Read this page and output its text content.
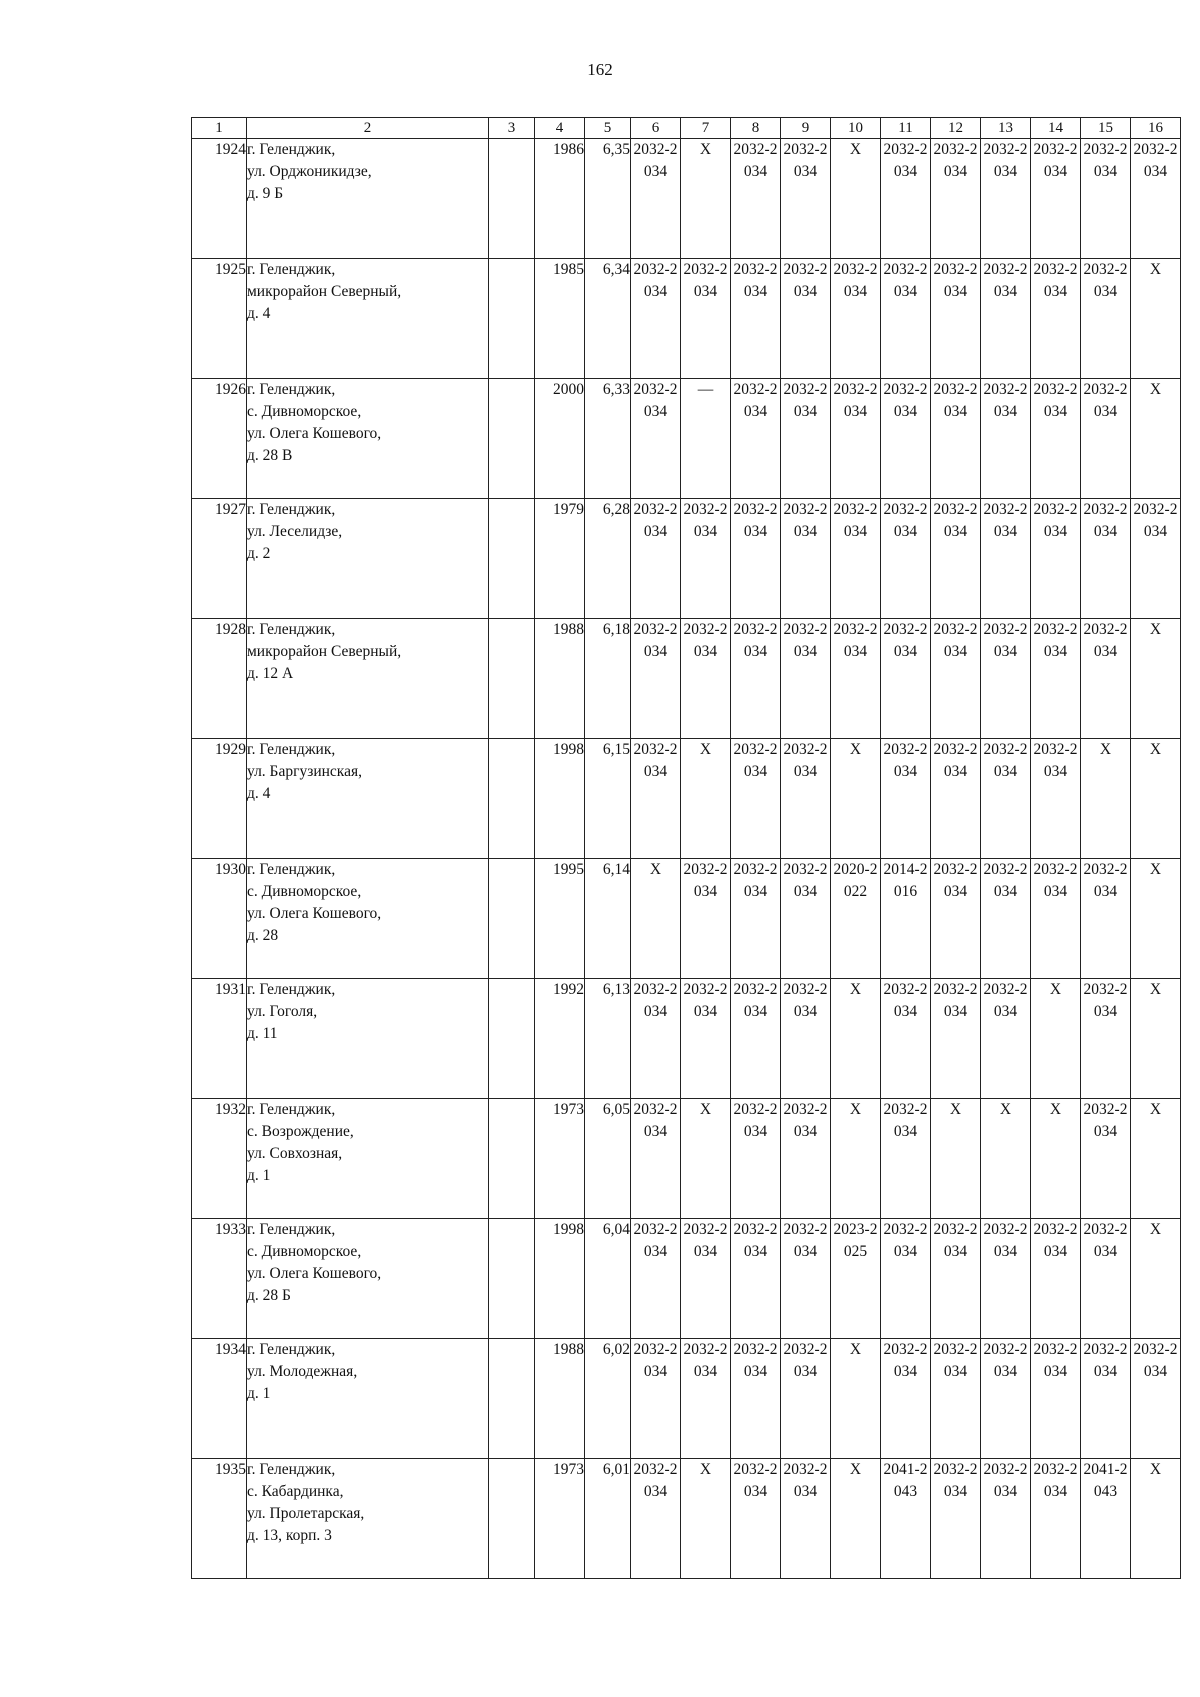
162
1	2	3	4	5	6	7	8	9	10	11	12	13	14	15	16
1924	г. Геленджик,
ул. Орджоникидзе,
д. 9 Б		1986	6,35	2032-2034	Х	2032-2034	2032-2034	Х	2032-2034	2032-2034	2032-2034	2032-2034	2032-2034	2032-2034
1925	г. Геленджик,
микрорайон Северный,
д. 4		1985	6,34	2032-2034	2032-2034	2032-2034	2032-2034	2032-2034	2032-2034	2032-2034	2032-2034	2032-2034	2032-2034	Х
1926	г. Геленджик,
с. Дивноморское,
ул. Олега Кошевого,
д. 28 В		2000	6,33	2032-2034	—	2032-2034	2032-2034	2032-2034	2032-2034	2032-2034	2032-2034	2032-2034	2032-2034	Х
1927	г. Геленджик,
ул. Леселидзе,
д. 2		1979	6,28	2032-2034	2032-2034	2032-2034	2032-2034	2032-2034	2032-2034	2032-2034	2032-2034	2032-2034	2032-2034	2032-2034
1928	г. Геленджик,
микрорайон Северный,
д. 12 А		1988	6,18	2032-2034	2032-2034	2032-2034	2032-2034	2032-2034	2032-2034	2032-2034	2032-2034	2032-2034	2032-2034	Х
1929	г. Геленджик,
ул. Баргузинская,
д. 4		1998	6,15	2032-2034	Х	2032-2034	2032-2034	Х	2032-2034	2032-2034	2032-2034	2032-2034	Х	Х
1930	г. Геленджик,
с. Дивноморское,
ул. Олега Кошевого,
д. 28		1995	6,14	Х	2032-2034	2032-2034	2032-2034	2020-2022	2014-2016	2032-2034	2032-2034	2032-2034	2032-2034	Х
1931	г. Геленджик,
ул. Гоголя,
д. 11		1992	6,13	2032-2034	2032-2034	2032-2034	2032-2034	Х	2032-2034	2032-2034	2032-2034	Х	2032-2034	Х
1932	г. Геленджик,
с. Возрождение,
ул. Совхозная,
д. 1		1973	6,05	2032-2034	Х	2032-2034	2032-2034	Х	2032-2034	Х	Х	Х	2032-2034	Х
1933	г. Геленджик,
с. Дивноморское,
ул. Олега Кошевого,
д. 28 Б		1998	6,04	2032-2034	2032-2034	2032-2034	2032-2034	2023-2025	2032-2034	2032-2034	2032-2034	2032-2034	2032-2034	Х
1934	г. Геленджик,
ул. Молодежная,
д. 1		1988	6,02	2032-2034	2032-2034	2032-2034	2032-2034	Х	2032-2034	2032-2034	2032-2034	2032-2034	2032-2034	2032-2034
1935	г. Геленджик,
с. Кабардинка,
ул. Пролетарская,
д. 13, корп. 3		1973	6,01	2032-2034	Х	2032-2034	2032-2034	Х	2041-2043	2032-2034	2032-2034	2032-2034	2041-2043	Х
